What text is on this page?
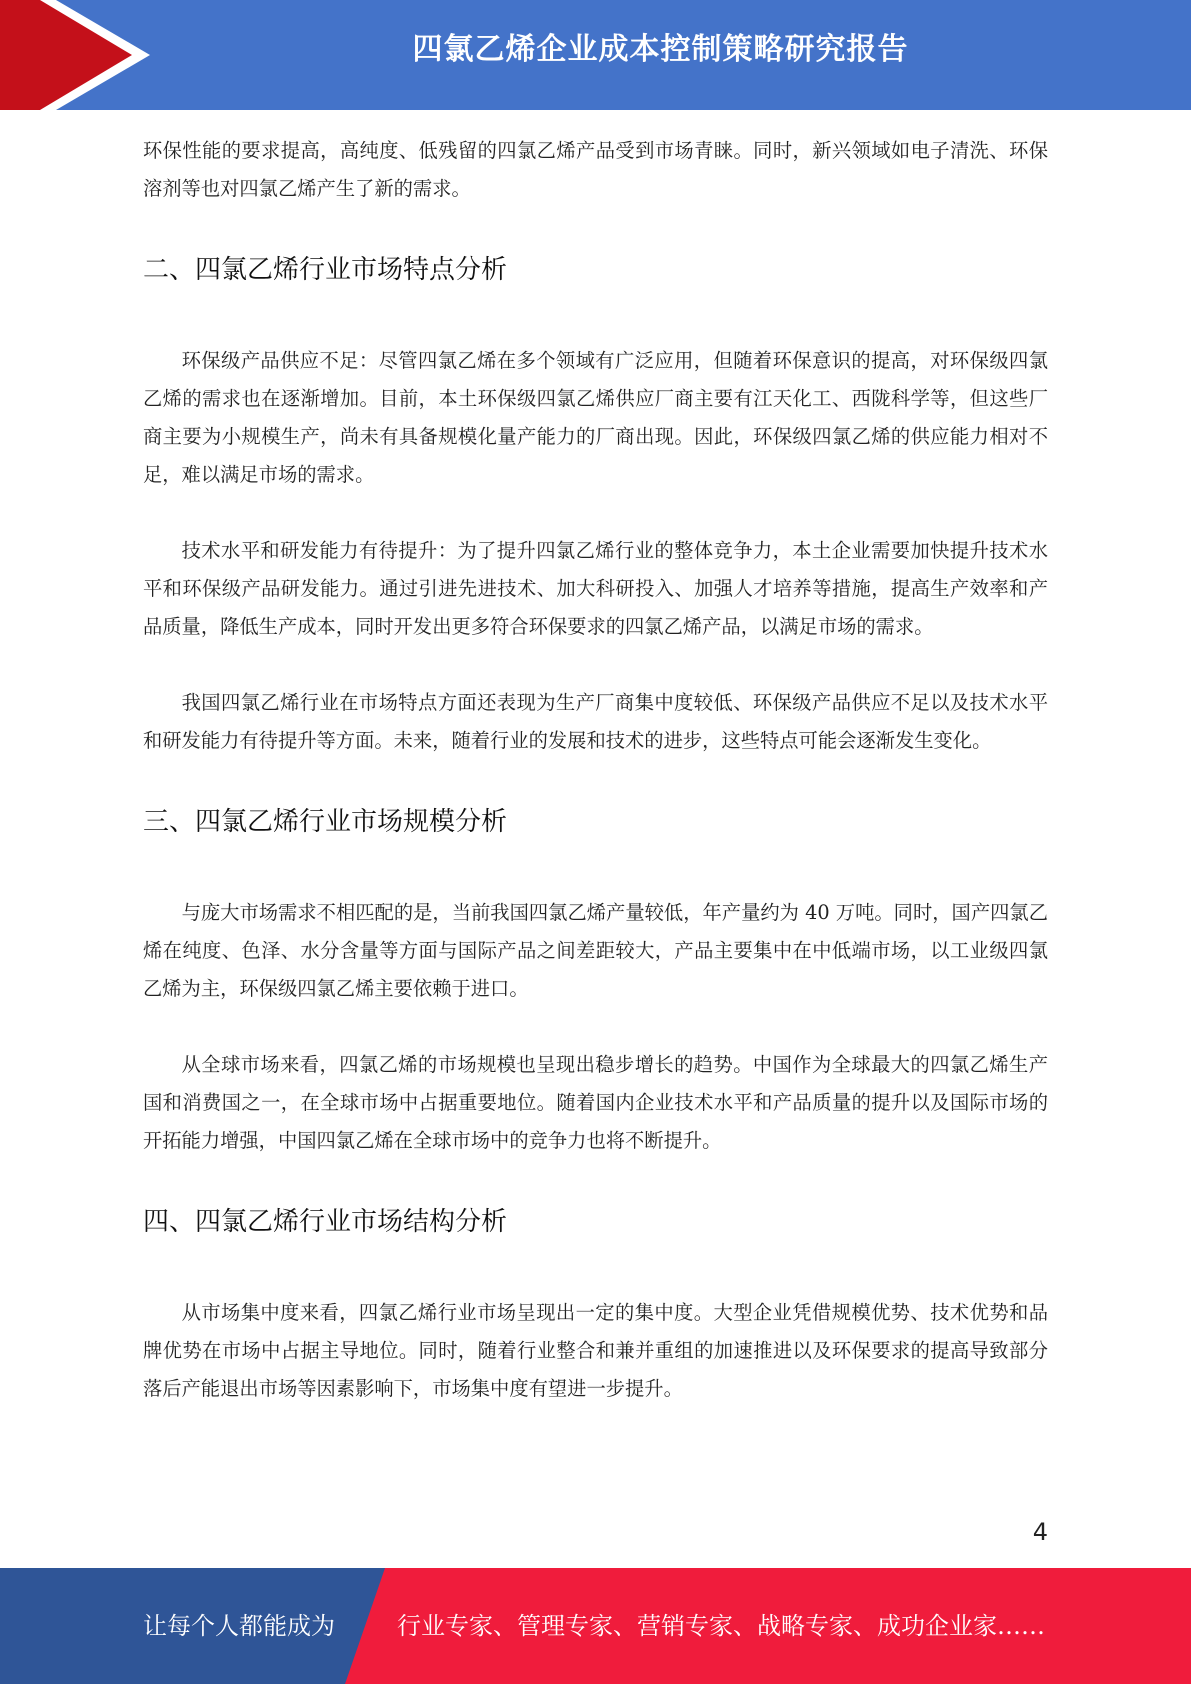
四氯乙烯企业成本控制策略研究报告

环保性能的要求提高，高纯度、低残留的四氯乙烯产品受到市场青睐。同时，新兴领域如电子清洗、环保溶剂等也对四氯乙烯产生了新的需求。

二、四氯乙烯行业市场特点分析

环保级产品供应不足：尽管四氯乙烯在多个领域有广泛应用，但随着环保意识的提高，对环保级四氯乙烯的需求也在逐渐增加。目前，本土环保级四氯乙烯供应厂商主要有江天化工、西陇科学等，但这些厂商主要为小规模生产，尚未有具备规模化量产能力的厂商出现。因此，环保级四氯乙烯的供应能力相对不足，难以满足市场的需求。

技术水平和研发能力有待提升：为了提升四氯乙烯行业的整体竞争力，本土企业需要加快提升技术水平和环保级产品研发能力。通过引进先进技术、加大科研投入、加强人才培养等措施，提高生产效率和产品质量，降低生产成本，同时开发出更多符合环保要求的四氯乙烯产品，以满足市场的需求。

我国四氯乙烯行业在市场特点方面还表现为生产厂商集中度较低、环保级产品供应不足以及技术水平和研发能力有待提升等方面。未来，随着行业的发展和技术的进步，这些特点可能会逐渐发生变化。

三、四氯乙烯行业市场规模分析

与庞大市场需求不相匹配的是，当前我国四氯乙烯产量较低，年产量约为 40 万吨。同时，国产四氯乙烯在纯度、色泽、水分含量等方面与国际产品之间差距较大，产品主要集中在中低端市场，以工业级四氯乙烯为主，环保级四氯乙烯主要依赖于进口。

从全球市场来看，四氯乙烯的市场规模也呈现出稳步增长的趋势。中国作为全球最大的四氯乙烯生产国和消费国之一，在全球市场中占据重要地位。随着国内企业技术水平和产品质量的提升以及国际市场的开拓能力增强，中国四氯乙烯在全球市场中的竞争力也将不断提升。

四、四氯乙烯行业市场结构分析

从市场集中度来看，四氯乙烯行业市场呈现出一定的集中度。大型企业凭借规模优势、技术优势和品牌优势在市场中占据主导地位。同时，随着行业整合和兼并重组的加速推进以及环保要求的提高导致部分落后产能退出市场等因素影响下，市场集中度有望进一步提升。

4
让每个人都能成为	行业专家、管理专家、营销专家、战略专家、成功企业家……
